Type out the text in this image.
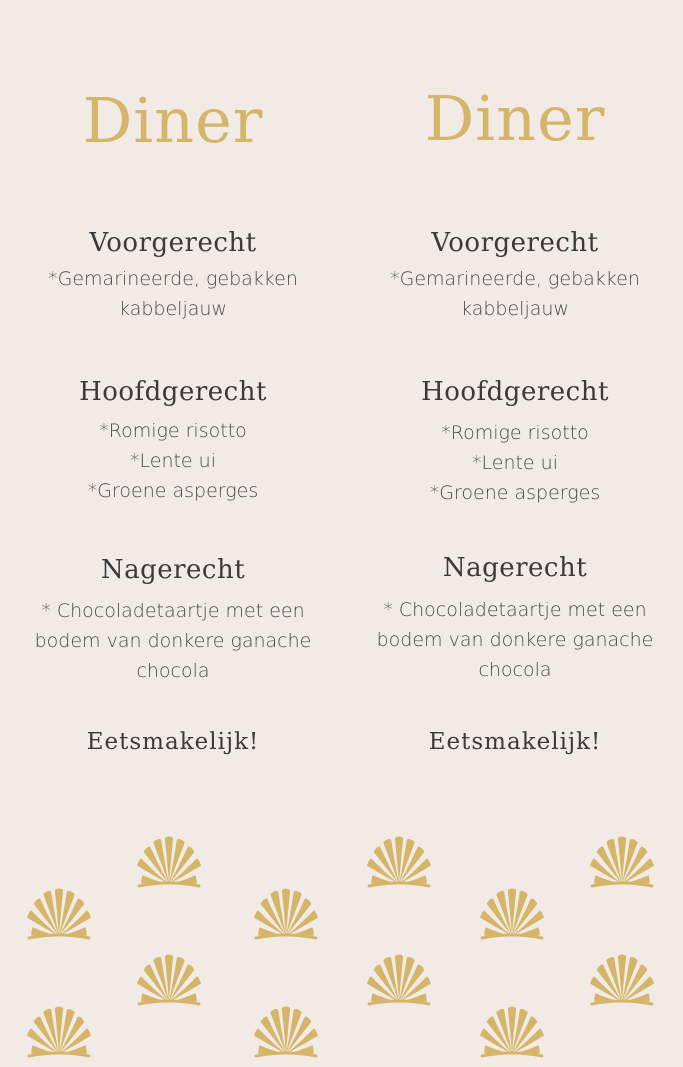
Diner
Voorgerecht
*Gemarineerde, gebakken
kabbeljauw
Hoofdgerecht
*Romige risotto
*Lente ui
*Groene asperges
Nagerecht
* Chocoladetaartje met een
bodem van donkere ganache
chocola
Eetsmakelijk!
Diner
Voorgerecht
*Gemarineerde, gebakken
kabbeljauw
Hoofdgerecht
*Romige risotto
*Lente ui
*Groene asperges
Nagerecht
* Chocoladetaartje met een
bodem van donkere ganache
chocola
Eetsmakelijk!
